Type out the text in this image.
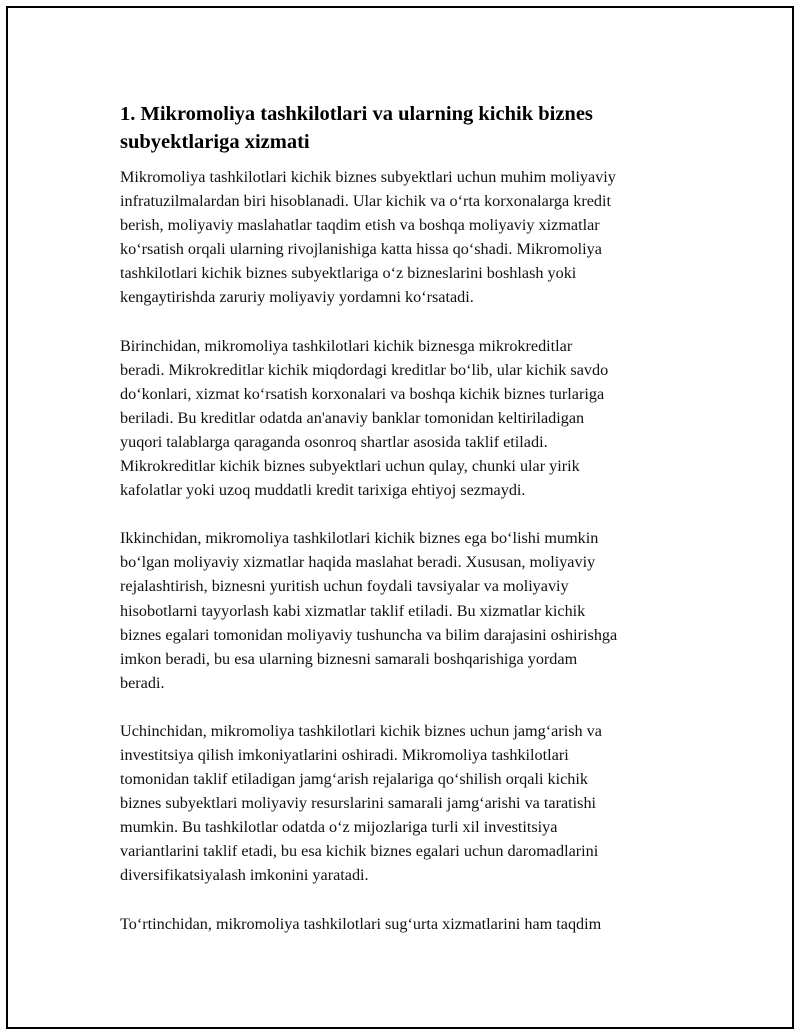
1. Mikromoliya tashkilotlari va ularning kichik biznes
subyektlariga xizmati
Mikromoliya tashkilotlari kichik biznes subyektlari uchun muhim moliyaviy
infratuzilmalardan biri hisoblanadi. Ular kichik va oʻrta korxonalarga kredit
berish, moliyaviy maslahatlar taqdim etish va boshqa moliyaviy xizmatlar
koʻrsatish orqali ularning rivojlanishiga katta hissa qoʻshadi. Mikromoliya
tashkilotlari kichik biznes subyektlariga oʻz bizneslarini boshlash yoki
kengaytirishda zaruriy moliyaviy yordamni koʻrsatadi.
Birinchidan, mikromoliya tashkilotlari kichik biznesga mikrokreditlar
beradi. Mikrokreditlar kichik miqdordagi kreditlar boʻlib, ular kichik savdo
doʻkonlari, xizmat koʻrsatish korxonalari va boshqa kichik biznes turlariga
beriladi. Bu kreditlar odatda an'anaviy banklar tomonidan keltiriladigan
yuqori talablarga qaraganda osonroq shartlar asosida taklif etiladi.
Mikrokreditlar kichik biznes subyektlari uchun qulay, chunki ular yirik
kafolatlar yoki uzoq muddatli kredit tarixiga ehtiyoj sezmaydi.
Ikkinchidan, mikromoliya tashkilotlari kichik biznes ega boʻlishi mumkin
boʻlgan moliyaviy xizmatlar haqida maslahat beradi. Xususan, moliyaviy
rejalashtirish, biznesni yuritish uchun foydali tavsiyalar va moliyaviy
hisobotlarni tayyorlash kabi xizmatlar taklif etiladi. Bu xizmatlar kichik
biznes egalari tomonidan moliyaviy tushuncha va bilim darajasini oshirishga
imkon beradi, bu esa ularning biznesni samarali boshqarishiga yordam
beradi.
Uchinchidan, mikromoliya tashkilotlari kichik biznes uchun jamgʻarish va
investitsiya qilish imkoniyatlarini oshiradi. Mikromoliya tashkilotlari
tomonidan taklif etiladigan jamgʻarish rejalariga qoʻshilish orqali kichik
biznes subyektlari moliyaviy resurslarini samarali jamgʻarishi va taratishi
mumkin. Bu tashkilotlar odatda oʻz mijozlariga turli xil investitsiya
variantlarini taklif etadi, bu esa kichik biznes egalari uchun daromadlarini
diversifikatsiyalash imkonini yaratadi.
Toʻrtinchidan, mikromoliya tashkilotlari sugʻurta xizmatlarini ham taqdim
